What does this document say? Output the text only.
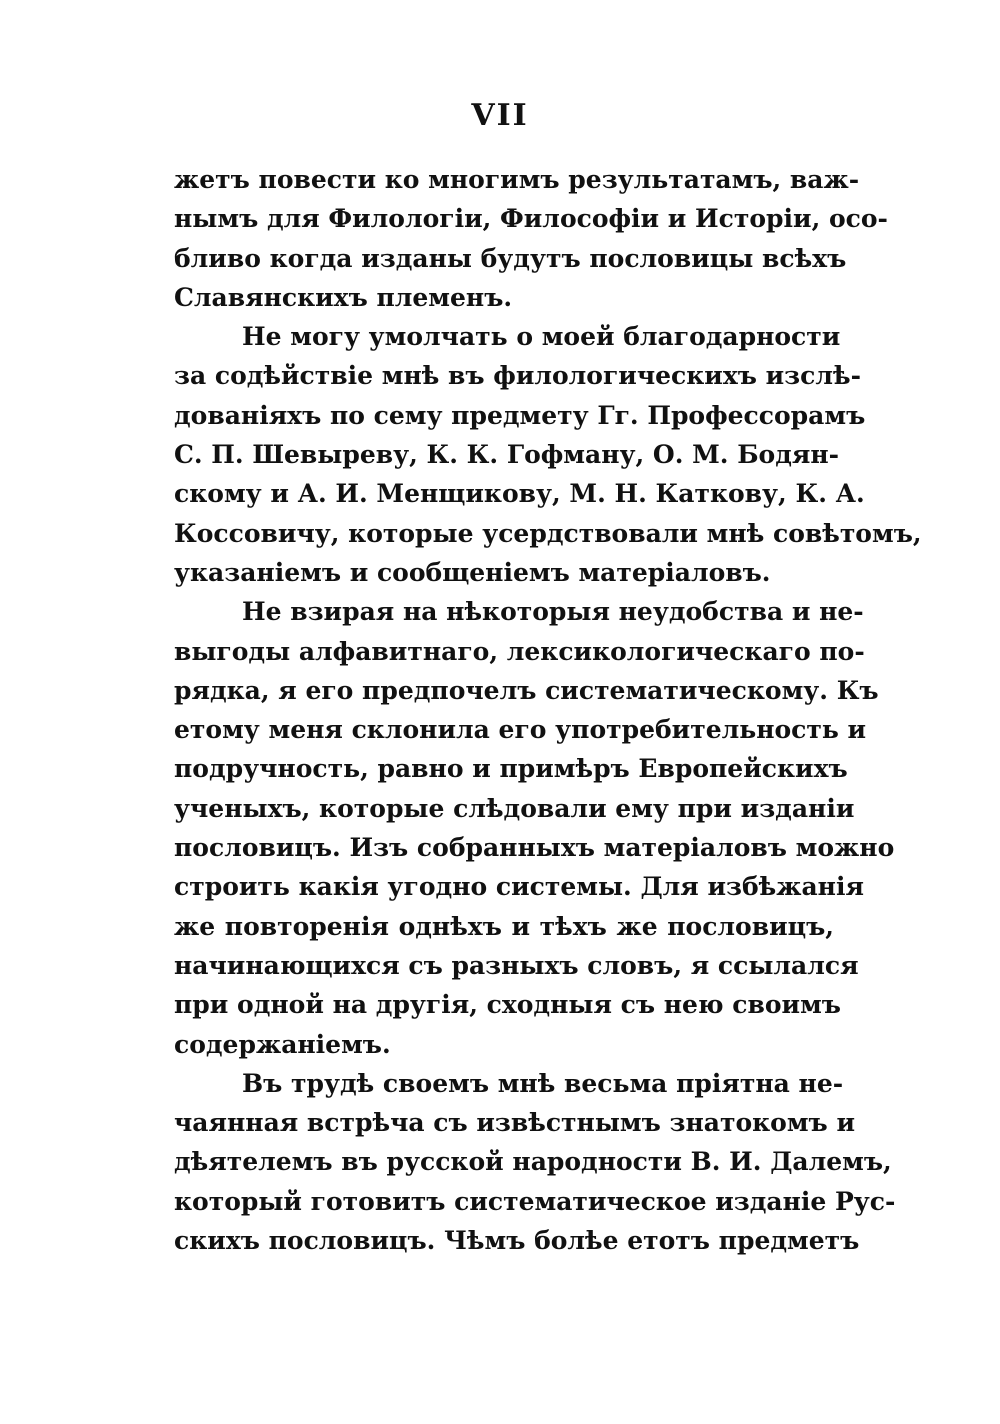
VII
жетъ повести ко многимъ результатамъ, важ-
нымъ для Филологіи, Философіи и Исторіи, осо-
бливо когда изданы будутъ пословицы всѣхъ
Славянскихъ племенъ.
Не могу умолчать о моей благодарности
за содѣйствіе мнѣ въ филологическихъ изслѣ-
дованіяхъ по сему предмету Гг. Профессорамъ
С. П. Шевыреву, К. К. Гофману, О. М. Бодян-
скому и А. И. Менщикову, М. Н. Каткову, К. А.
Коссовичу, которые усердствовали мнѣ совѣтомъ,
указаніемъ и сообщеніемъ матеріаловъ.
Не взирая на нѣкоторыя неудобства и не-
выгоды алфавитнаго, лексикологическаго по-
рядка, я его предпочелъ систематическому. Къ
етому меня склонила его употребительность и
подручность, равно и примѣръ Европейскихъ
ученыхъ, которые слѣдовали ему при изданіи
пословицъ. Изъ собранныхъ матеріаловъ можно
строить какія угодно системы. Для избѣжанія
же повторенія однѣхъ и тѣхъ же пословицъ,
начинающихся съ разныхъ словъ, я ссылался
при одной на другія, сходныя съ нею своимъ
содержаніемъ.
Въ трудѣ своемъ мнѣ весьма пріятна не-
чаянная встрѣча съ извѣстнымъ знатокомъ и
дѣятелемъ въ русской народности В. И. Далемъ,
который готовитъ систематическое изданіе Рус-
скихъ пословицъ. Чѣмъ болѣе етотъ предметъ
